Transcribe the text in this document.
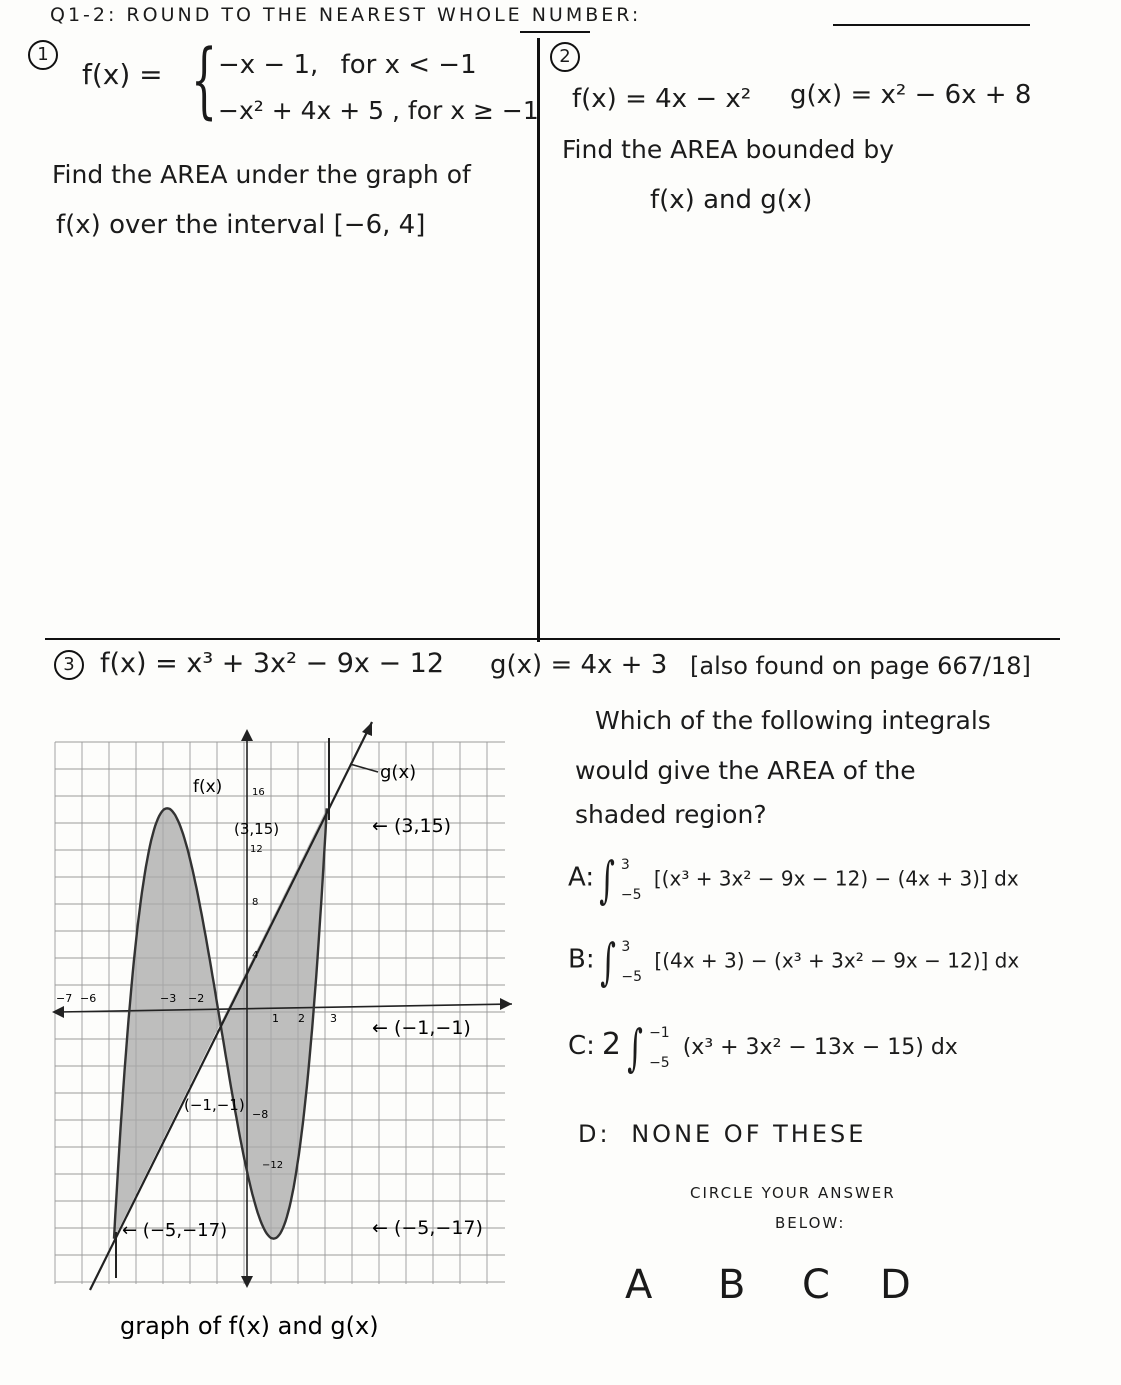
Q1-2: ROUND TO THE NEAREST WHOLE NUMBER:
1
f(x) = { −x − 1, for x < −1
−x² + 4x + 5 , for x ≥ −1
Find the AREA under the graph of
f(x) over the interval [−6, 4]
2
f(x) = 4x − x² g(x) = x² − 6x + 8
Find the AREA bounded by
f(x) and g(x)
3 f(x) = x³ + 3x² − 9x − 12 g(x) = 4x + 3 [also found on page 667/18]
Which of the following integrals
would give the AREA of the
shaded region?
A: ∫ 3
−5
[(x³ + 3x² − 9x − 12) − (4x + 3)] dx
B: ∫ 3
−5
[(4x + 3) − (x³ + 3x² − 9x − 12)] dx
C: 2 ∫ −1
−5
(x³ + 3x² − 13x − 15) dx
D: NONE OF THESE
CIRCLE YOUR ANSWER
BELOW:
A B C D
f(x)
g(x)
(3,15)	← (3,15)
(−1,−1)
← (−1,−1)
← (−5,−17)	← (−5,−17)
16
12
8
4
−8
−12
−7 −6	−3 −2
1 2 3
graph of f(x) and g(x)
